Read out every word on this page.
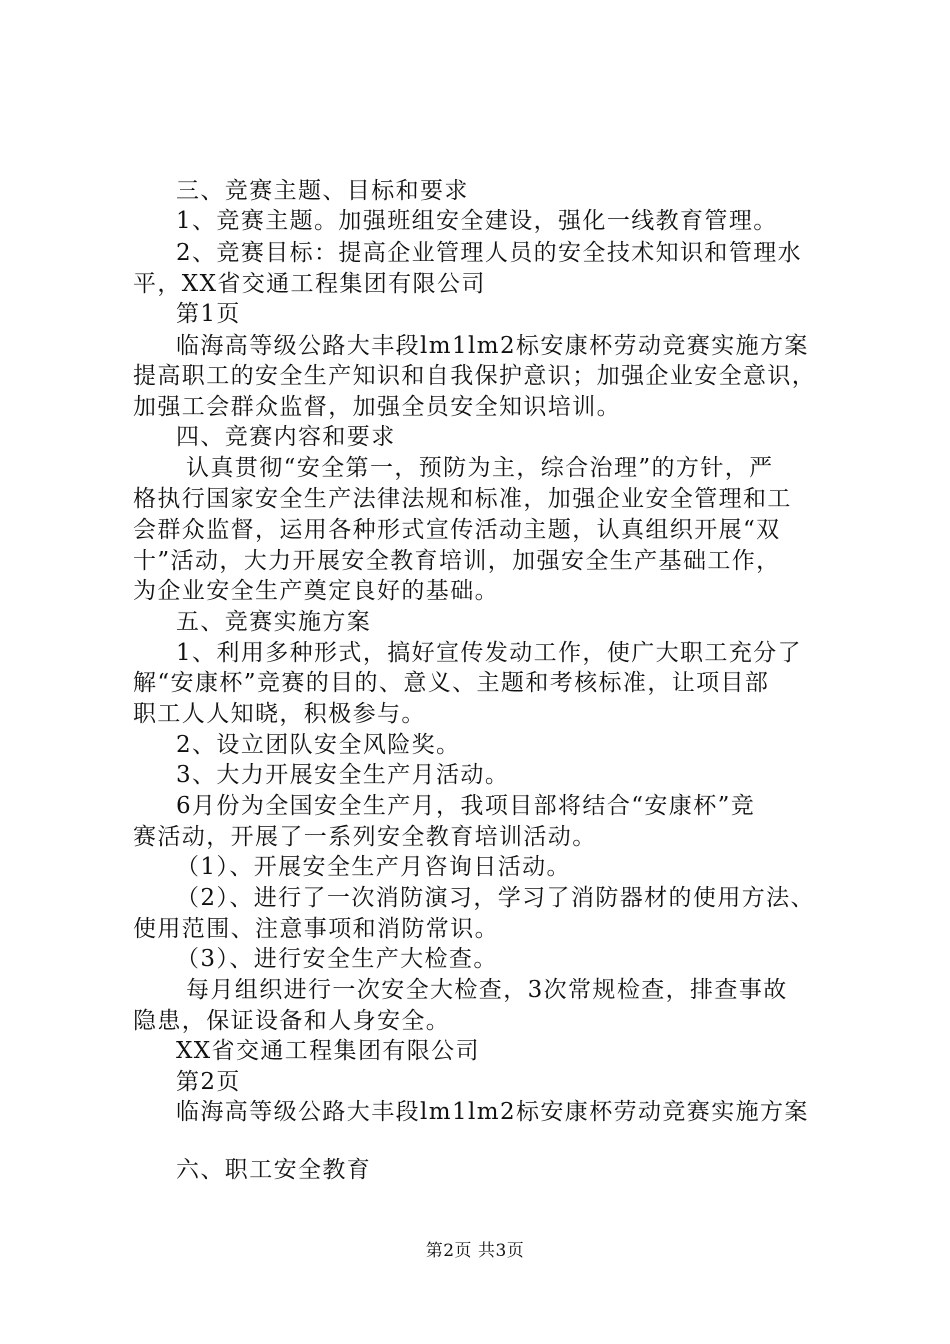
三、竞赛主题、目标和要求
1、竞赛主题。加强班组安全建设，强化一线教育管理。
2、竞赛目标：提高企业管理人员的安全技术知识和管理水
平，XX省交通工程集团有限公司
第1页
临海高等级公路大丰段lm1lm2标安康杯劳动竞赛实施方案
提高职工的安全生产知识和自我保护意识；加强企业安全意识，
加强工会群众监督，加强全员安全知识培训。
四、竞赛内容和要求
认真贯彻“安全第一，预防为主，综合治理”的方针，严
格执行国家安全生产法律法规和标准，加强企业安全管理和工
会群众监督，运用各种形式宣传活动主题，认真组织开展“双
十”活动，大力开展安全教育培训，加强安全生产基础工作，
为企业安全生产奠定良好的基础。
五、竞赛实施方案
1、利用多种形式，搞好宣传发动工作，使广大职工充分了
解“安康杯”竞赛的目的、意义、主题和考核标准，让项目部
职工人人知晓，积极参与。
2、设立团队安全风险奖。
3、大力开展安全生产月活动。
6月份为全国安全生产月，我项目部将结合“安康杯”竞
赛活动，开展了一系列安全教育培训活动。
（1）、开展安全生产月咨询日活动。
（2）、进行了一次消防演习，学习了消防器材的使用方法、
使用范围、注意事项和消防常识。
（3）、进行安全生产大检查。
每月组织进行一次安全大检查，3次常规检查，排查事故
隐患，保证设备和人身安全。
XX省交通工程集团有限公司
第2页
临海高等级公路大丰段lm1lm2标安康杯劳动竞赛实施方案
六、职工安全教育
第2页 共3页
